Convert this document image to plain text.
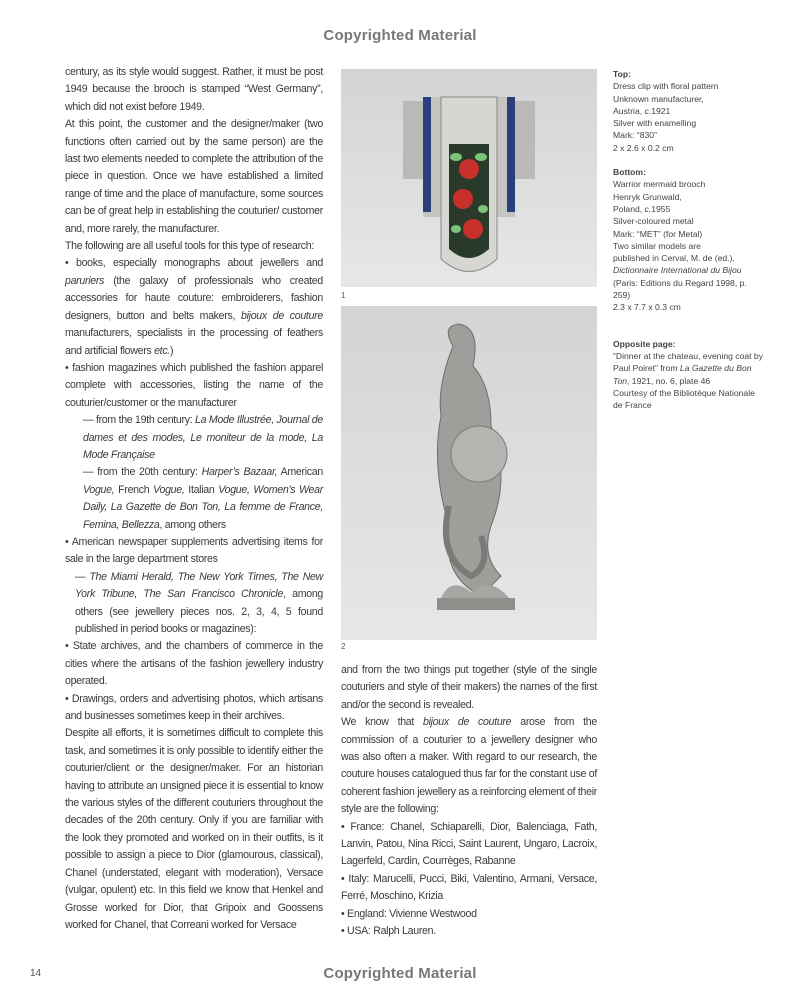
Copyrighted Material

century, as its style would suggest. Rather, it must be post 1949 because the brooch is stamped “West Germany”, which did not exist before 1949.

At this point, the customer and the designer/maker (two functions often carried out by the same person) are the last two elements needed to complete the attribution of the piece in question. Once we have established a limited range of time and the place of manufacture, some sources can be of great help in establishing the couturier/ customer and, more rarely, the manufacturer.

The following are all useful tools for this type of research:

• books, especially monographs about jewellers and paruriers (the galaxy of professionals who created accessories for haute couture: embroiderers, fashion designers, button and belts makers, bijoux de couture manufacturers, specialists in the processing of feathers and artificial flowers etc.)

• fashion magazines which published the fashion apparel complete with accessories, listing the name of the couturier/customer or the manufacturer

— from the 19th century: La Mode Illustrée, Journal de dames et des modes, Le moniteur de la mode, La Mode Française

— from the 20th century: Harper’s Bazaar, American Vogue, French Vogue, Italian Vogue, Women’s Wear Daily, La Gazette de Bon Ton, La femme de France, Femina, Bellezza, among others

• American newspaper supplements advertising items for sale in the large department stores

— The Miami Herald, The New York Times, The New York Tribune, The San Francisco Chronicle, among others (see jewellery pieces nos. 2, 3, 4, 5 found published in period books or magazines):

• State archives, and the chambers of commerce in the cities where the artisans of the fashion jewellery industry operated.

• Drawings, orders and advertising photos, which artisans and businesses sometimes keep in their archives.

Despite all efforts, it is sometimes difficult to complete this task, and sometimes it is only possible to identify either the couturier/client or the designer/maker. For an historian having to attribute an unsigned piece it is essential to know the various styles of the different couturiers throughout the decades of the 20th century. Only if you are familiar with the look they promoted and worked on in their outfits, is it possible to assign a piece to Dior (glamourous, classical), Chanel (understated, elegant with moderation), Versace (vulgar, opulent) etc. In this field we know that Henkel and Grosse worked for Dior, that Gripoix and Goossens worked for Chanel, that Correani worked for Versace

1
2

and from the two things put together (style of the single couturiers and style of their makers) the names of the first and/or the second is revealed.

We know that bijoux de couture arose from the commission of a couturier to a jewellery designer who was also often a maker. With regard to our research, the couture houses catalogued thus far for the constant use of coherent fashion jewellery as a reinforcing element of their style are the following:

• France: Chanel, Schiaparelli, Dior, Balenciaga, Fath, Lanvin, Patou, Nina Ricci, Saint Laurent, Ungaro, Lacroix, Lagerfeld, Cardin, Courrèges, Rabanne

• Italy: Marucelli, Pucci, Biki, Valentino, Armani, Versace, Ferré, Moschino, Krizia

• England: Vivienne Westwood

• USA: Ralph Lauren.

Top:

Dress clip with floral pattern

Unknown manufacturer,

Austria, c.1921

Silver with enamelling

Mark: “830”

2 x 2.6 x 0.2 cm

Bottom:

Warrior mermaid brooch

Henryk Grunwald,

Poland, c.1955

Silver-coloured metal

Mark: “MET” (for Metal)

Two similar models are

published in Cerval, M. de (ed.),

Dictionnaire International du Bijou (Paris: Editions du Regard 1998, p. 259)

2.3 x 7.7 x 0.3 cm

Opposite page:

“Dinner at the chateau, evening coat by Paul Poiret” from La Gazette du Bon Ton, 1921, no. 6, plate 46

Courtesy of the Bibliotéque Nationale de France

14	Copyrighted Material
